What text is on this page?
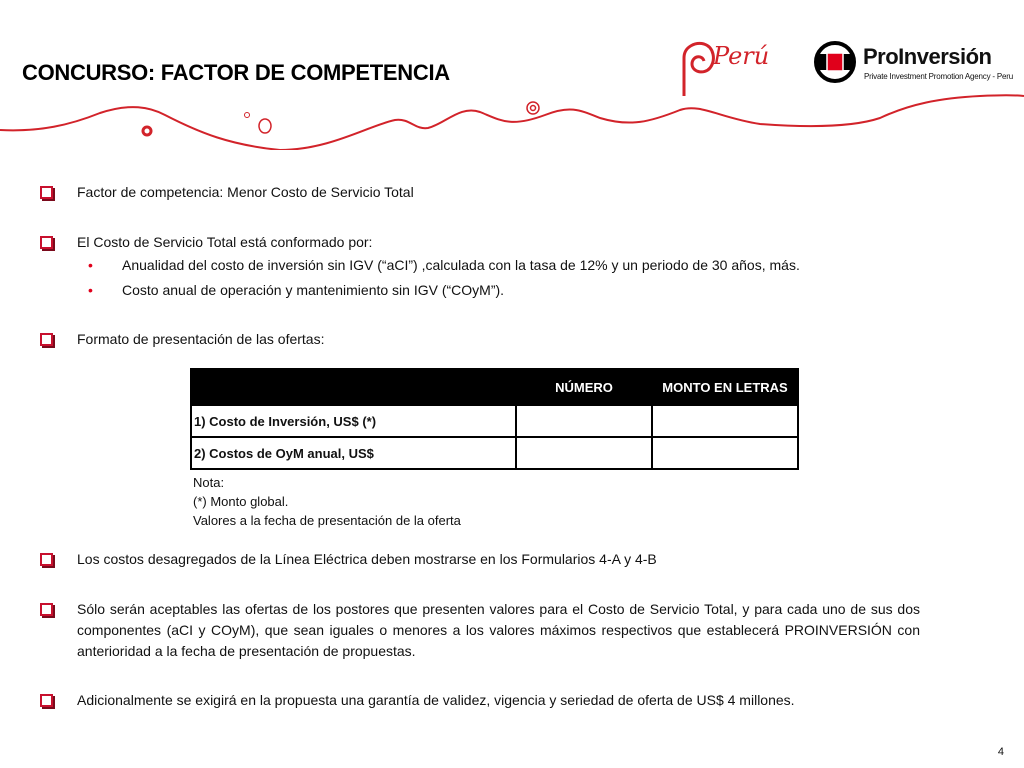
CONCURSO: FACTOR DE COMPETENCIA
Perú	ProInversión
Private Investment Promotion Agency - Peru
Factor de competencia: Menor Costo de Servicio Total
El Costo de Servicio Total está conformado por:
• Anualidad del costo de inversión sin IGV (“aCI”) ,calculada con la tasa de 12% y un periodo de 30 años, más.
• Costo anual de operación y mantenimiento sin IGV (“COyM”).
Formato de presentación de las ofertas:
	NÚMERO	MONTO EN LETRAS
1) Costo de Inversión, US$ (*)		
2) Costos de OyM anual, US$		
Nota:
(*) Monto global.
Valores a la fecha de presentación de la oferta
Los costos desagregados de la Línea Eléctrica deben mostrarse en los Formularios 4-A y 4-B
Sólo serán aceptables las ofertas de los postores que presenten valores para el Costo de Servicio Total, y para cada uno de sus dos componentes (aCI y COyM), que sean iguales o menores a los valores máximos respectivos que establecerá PROINVERSIÓN con anterioridad a la fecha de presentación de propuestas.
Adicionalmente se exigirá en la propuesta una garantía de validez, vigencia y seriedad de oferta de US$ 4 millones.
4
